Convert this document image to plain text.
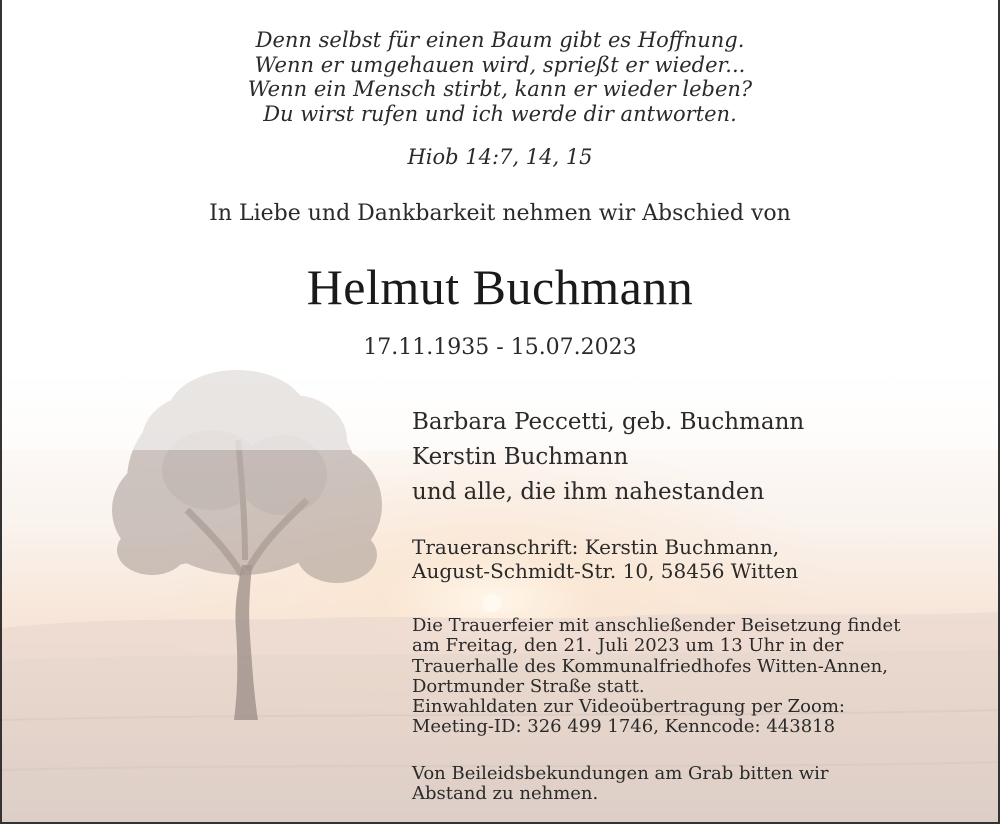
Denn selbst für einen Baum gibt es Hoffnung.
Wenn er umgehauen wird, sprießt er wieder...
Wenn ein Mensch stirbt, kann er wieder leben?
Du wirst rufen und ich werde dir antworten.
Hiob 14:7, 14, 15
In Liebe und Dankbarkeit nehmen wir Abschied von
Helmut Buchmann
17.11.1935 - 15.07.2023
Barbara Peccetti, geb. Buchmann
Kerstin Buchmann
und alle, die ihm nahestanden
Traueranschrift: Kerstin Buchmann,
August-Schmidt-Str. 10, 58456 Witten
Die Trauerfeier mit anschließender Beisetzung findet
am Freitag, den 21. Juli 2023 um 13 Uhr in der
Trauerhalle des Kommunalfriedhofes Witten-Annen,
Dortmunder Straße statt.
Einwahldaten zur Videoübertragung per Zoom:
Meeting-ID: 326 499 1746, Kenncode: 443818
Von Beileidsbekundungen am Grab bitten wir
Abstand zu nehmen.
